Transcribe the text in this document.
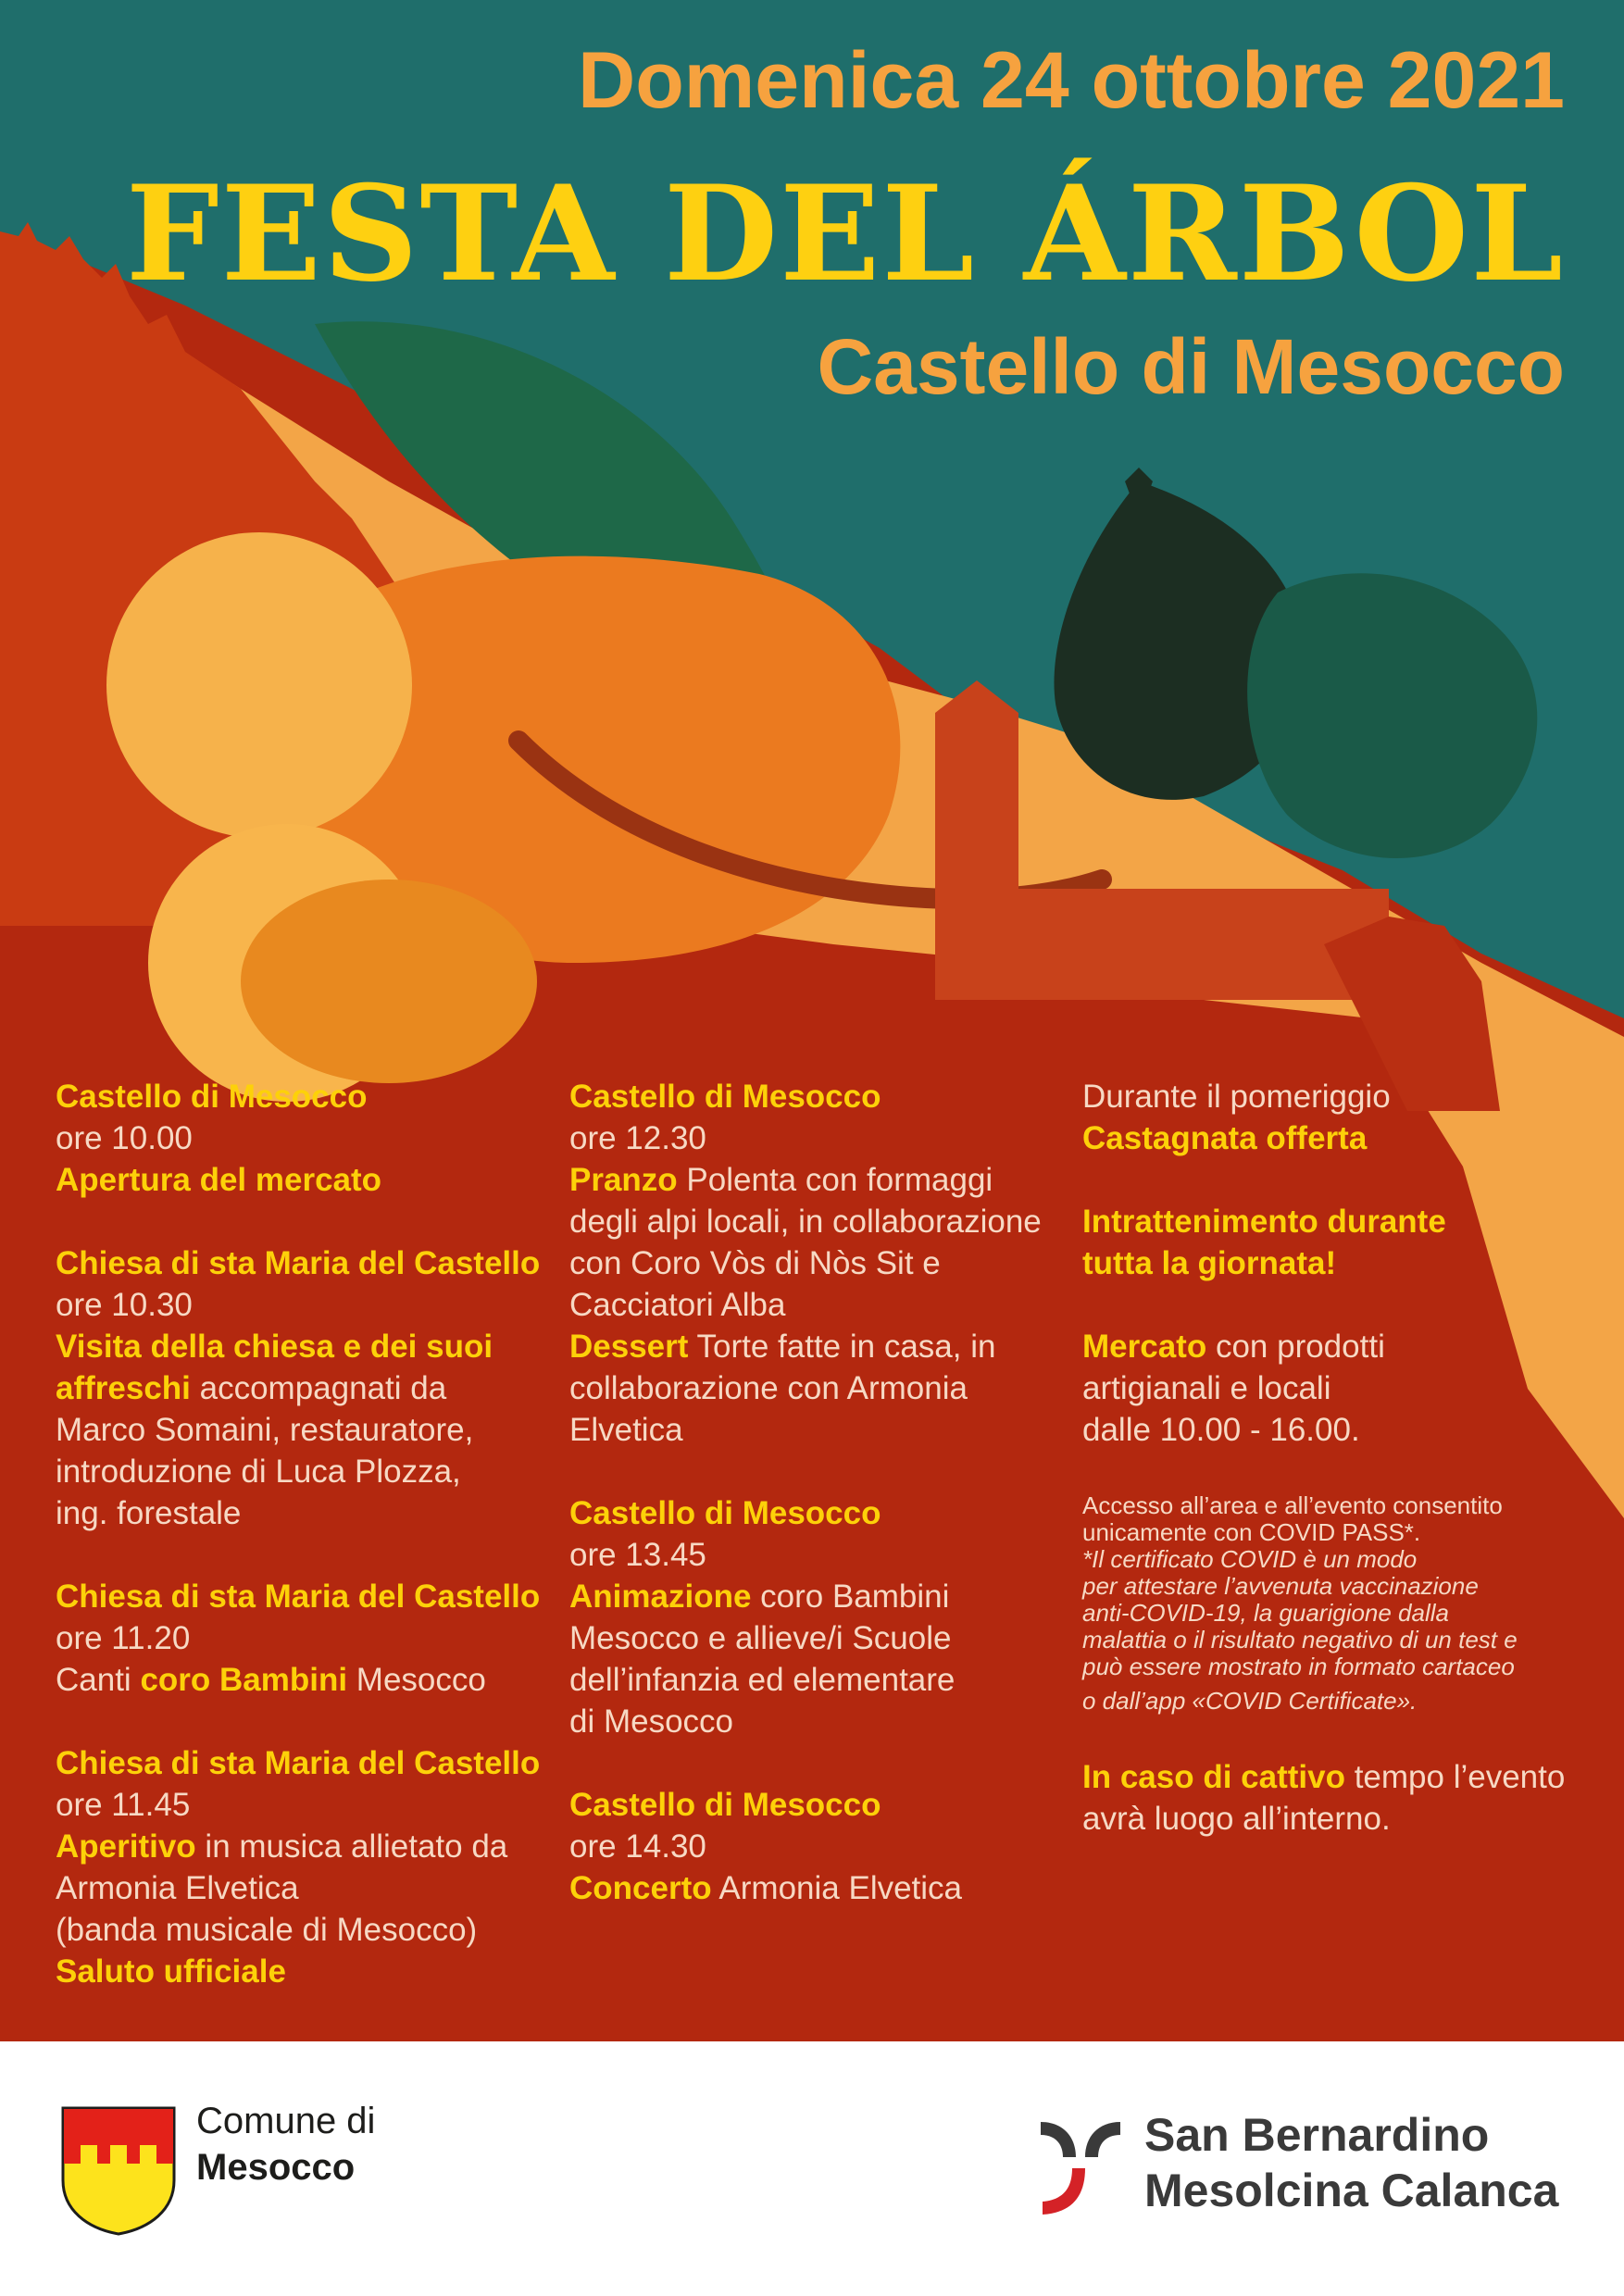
Domenica 24 ottobre 2021
FESTA DEL ÁRBOL
Castello di Mesocco
Castello di Mesocco
ore 10.00
Apertura del mercato
Chiesa di sta Maria del Castello
ore 10.30
Visita della chiesa e dei suoi
affreschi accompagnati da
Marco Somaini, restauratore,
introduzione di Luca Plozza,
ing. forestale
Chiesa di sta Maria del Castello
ore 11.20
Canti coro Bambini Mesocco
Chiesa di sta Maria del Castello
ore 11.45
Aperitivo in musica allietato da
Armonia Elvetica
(banda musicale di Mesocco)
Saluto ufficiale
Castello di Mesocco
ore 12.30
Pranzo Polenta con formaggi
degli alpi locali, in collaborazione
con Coro Vòs di Nòs Sit e
Cacciatori Alba
Dessert Torte fatte in casa, in
collaborazione con Armonia
Elvetica
Castello di Mesocco
ore 13.45
Animazione coro Bambini
Mesocco e allieve/i Scuole
dell’infanzia ed elementare
di Mesocco
Castello di Mesocco
ore 14.30
Concerto Armonia Elvetica
Durante il pomeriggio
Castagnata offerta
Intrattenimento durante
tutta la giornata!
Mercato con prodotti
artigianali e locali
dalle 10.00 - 16.00.
Accesso all’area e all’evento consentito
unicamente con COVID PASS*.
*Il certificato COVID è un modo
per attestare l’avvenuta vaccinazione
anti-COVID-19, la guarigione dalla
malattia o il risultato negativo di un test e
può essere mostrato in formato cartaceo
o dall’app «COVID Certificate».
In caso di cattivo tempo l’evento
avrà luogo all’interno.
Comune di
Mesocco
San Bernardino
Mesolcina Calanca
